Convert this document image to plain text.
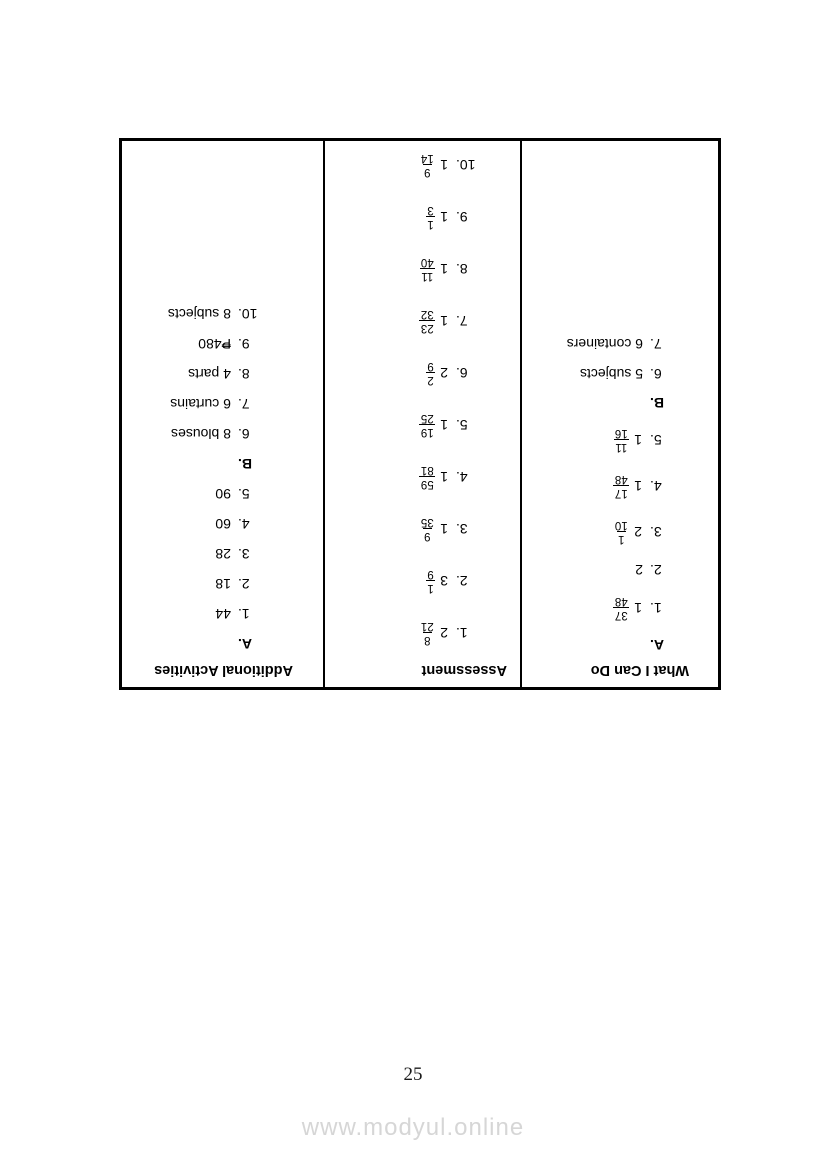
What I Can Do
A.
1.
1
37
48
2.
2
3.
2
1
10
4.
1
17
48
5.
1
11
16
B.
6.
5 subjects
7.
6 containers
Assessment
1.
2
8
21
2.
3
1
9
3.
1
9
35
4.
1
59
81
5.
1
19
25
6.
2
2
9
7.
1
23
32
8.
1
11
40
9.
1
1
3
10.
1
9
14
Additional Activities
A.
1.
44
2.
18
3.
28
4.
60
5.
90
B.
6.
8 blouses
7.
6 curtains
8.
4 parts
9.
₱480
10.
8 subjects
25
www.modyul.online
